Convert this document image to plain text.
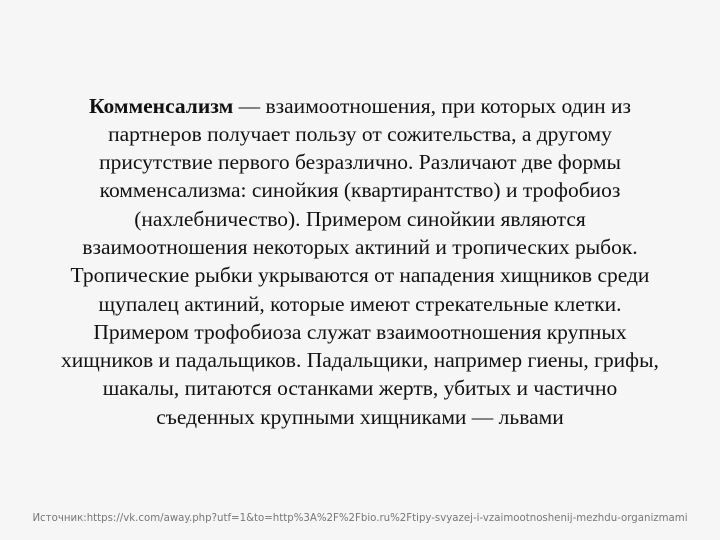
Комменсализм — взаимоотношения, при которых один из партнеров получает пользу от сожительства, а другому присутствие первого безразлично. Различают две формы комменсализма: синойкия (квартирантство) и трофобиоз (нахлебничество). Примером синойкии являются взаимоотношения некоторых актиний и тропических рыбок. Тропические рыбки укрываются от нападения хищников среди щупалец актиний, которые имеют стрекательные клетки. Примером трофобиоза служат взаимоотношения крупных хищников и падальщиков. Падальщики, например гиены, грифы, шакалы, питаются останками жертв, убитых и частично съеденных крупными хищниками — львами

Источник:https://vk.com/away.php?utf=1&to=http%3A%2F%2Fbio.ru%2Ftipy-svyazej-i-vzaimootnoshenij-mezhdu-organizmami
